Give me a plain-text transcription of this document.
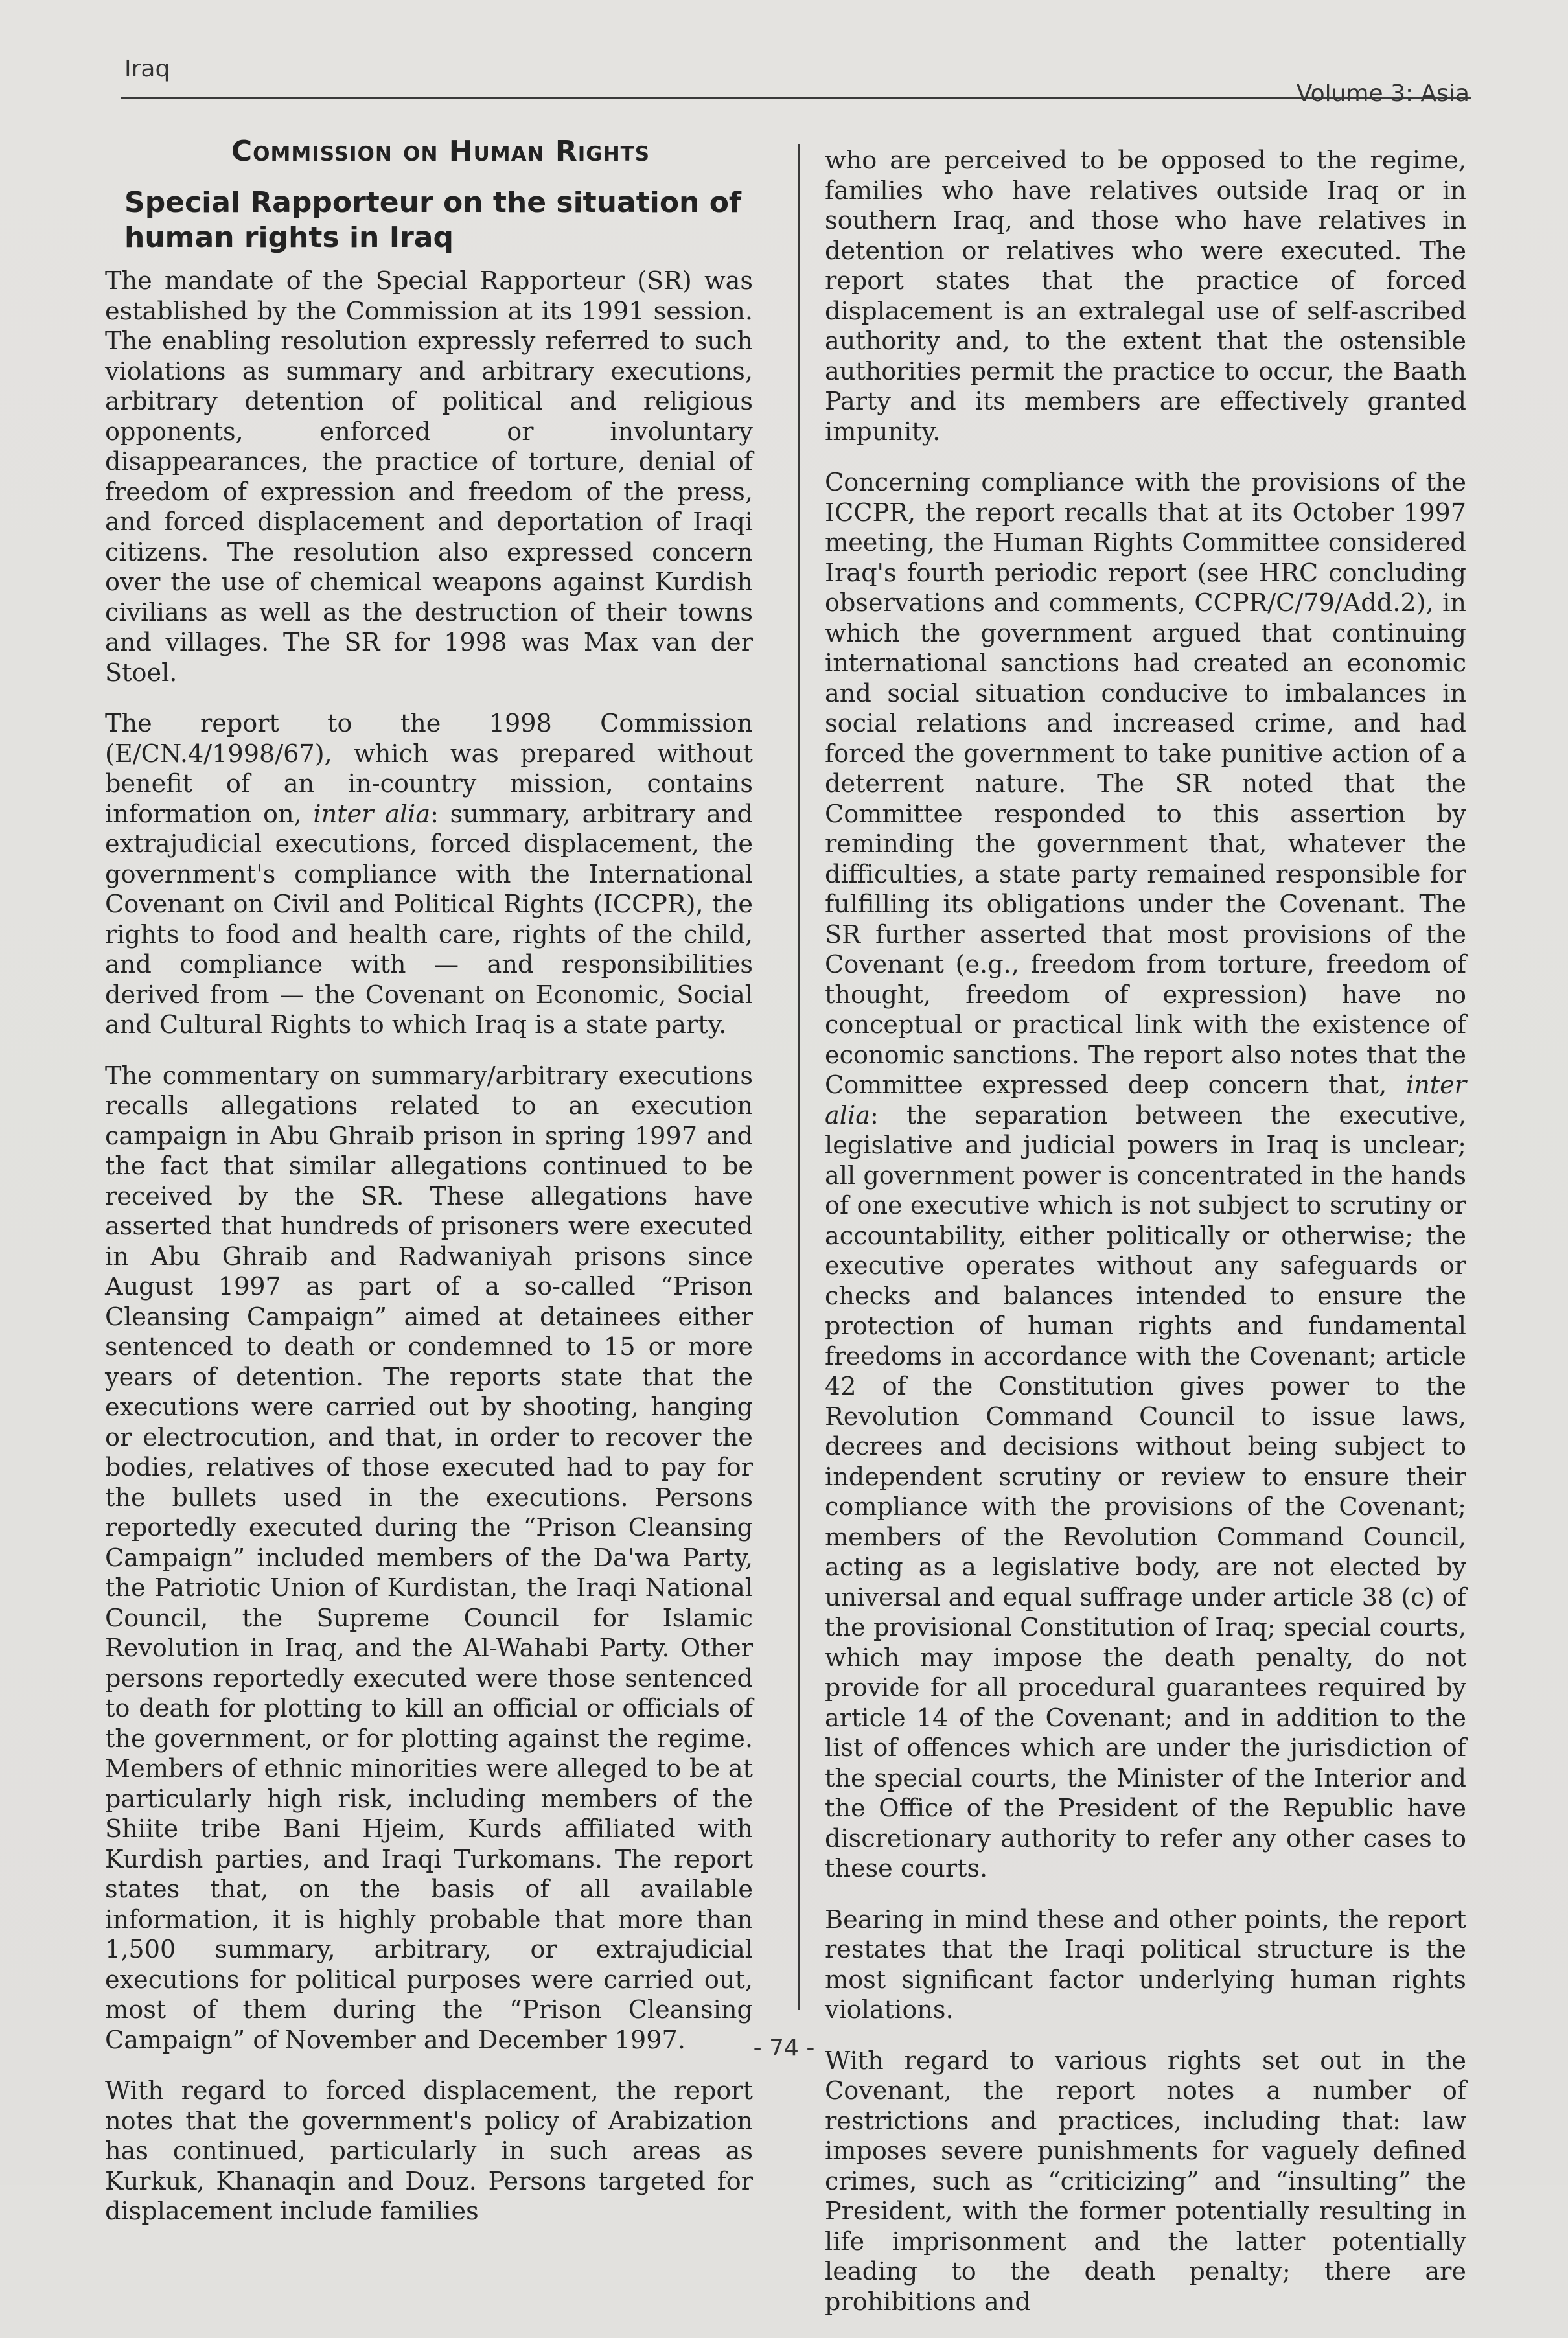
Iraq
Volume 3: Asia
Commission on Human Rights
Special Rapporteur on the situation of human rights in Iraq

The mandate of the Special Rapporteur (SR) was established by the Commission at its 1991 session. The enabling resolution expressly referred to such violations as summary and arbitrary executions, arbitrary detention of political and religious opponents, enforced or involuntary disappearances, the practice of torture, denial of freedom of expression and freedom of the press, and forced displacement and deportation of Iraqi citizens. The resolution also expressed concern over the use of chemical weapons against Kurdish civilians as well as the destruction of their towns and villages. The SR for 1998 was Max van der Stoel.

The report to the 1998 Commission (E/CN.4/1998/67), which was prepared without benefit of an in-country mission, contains information on, inter alia: summary, arbitrary and extrajudicial executions, forced displacement, the government's compliance with the International Covenant on Civil and Political Rights (ICCPR), the rights to food and health care, rights of the child, and compliance with — and responsibilities derived from — the Covenant on Economic, Social and Cultural Rights to which Iraq is a state party.

The commentary on summary/arbitrary executions recalls allegations related to an execution campaign in Abu Ghraib prison in spring 1997 and the fact that similar allegations continued to be received by the SR. These allegations have asserted that hundreds of prisoners were executed in Abu Ghraib and Radwaniyah prisons since August 1997 as part of a so-called “Prison Cleansing Campaign” aimed at detainees either sentenced to death or condemned to 15 or more years of detention. The reports state that the executions were carried out by shooting, hanging or electrocution, and that, in order to recover the bodies, relatives of those executed had to pay for the bullets used in the executions. Persons reportedly executed during the “Prison Cleansing Campaign” included members of the Da'wa Party, the Patriotic Union of Kurdistan, the Iraqi National Council, the Supreme Council for Islamic Revolution in Iraq, and the Al-Wahabi Party. Other persons reportedly executed were those sentenced to death for plotting to kill an official or officials of the government, or for plotting against the regime. Members of ethnic minorities were alleged to be at particularly high risk, including members of the Shiite tribe Bani Hjeim, Kurds affiliated with Kurdish parties, and Iraqi Turkomans. The report states that, on the basis of all available information, it is highly probable that more than 1,500 summary, arbitrary, or extrajudicial executions for political purposes were carried out, most of them during the “Prison Cleansing Campaign” of November and December 1997.

With regard to forced displacement, the report notes that the government's policy of Arabization has continued, particularly in such areas as Kurkuk, Khanaqin and Douz. Persons targeted for displacement include families

who are perceived to be opposed to the regime, families who have relatives outside Iraq or in southern Iraq, and those who have relatives in detention or relatives who were executed. The report states that the practice of forced displacement is an extralegal use of self-ascribed authority and, to the extent that the ostensible authorities permit the practice to occur, the Baath Party and its members are effectively granted impunity.

Concerning compliance with the provisions of the ICCPR, the report recalls that at its October 1997 meeting, the Human Rights Committee considered Iraq's fourth periodic report (see HRC concluding observations and comments, CCPR/C/79/Add.2), in which the government argued that continuing international sanctions had created an economic and social situation conducive to imbalances in social relations and increased crime, and had forced the government to take punitive action of a deterrent nature. The SR noted that the Committee responded to this assertion by reminding the government that, whatever the difficulties, a state party remained responsible for fulfilling its obligations under the Covenant. The SR further asserted that most provisions of the Covenant (e.g., freedom from torture, freedom of thought, freedom of expression) have no conceptual or practical link with the existence of economic sanctions. The report also notes that the Committee expressed deep concern that, inter alia: the separation between the executive, legislative and judicial powers in Iraq is unclear; all government power is concentrated in the hands of one executive which is not subject to scrutiny or accountability, either politically or otherwise; the executive operates without any safeguards or checks and balances intended to ensure the protection of human rights and fundamental freedoms in accordance with the Covenant; article 42 of the Constitution gives power to the Revolution Command Council to issue laws, decrees and decisions without being subject to independent scrutiny or review to ensure their compliance with the provisions of the Covenant; members of the Revolution Command Council, acting as a legislative body, are not elected by universal and equal suffrage under article 38 (c) of the provisional Constitution of Iraq; special courts, which may impose the death penalty, do not provide for all procedural guarantees required by article 14 of the Covenant; and in addition to the list of offences which are under the jurisdiction of the special courts, the Minister of the Interior and the Office of the President of the Republic have discretionary authority to refer any other cases to these courts.

Bearing in mind these and other points, the report restates that the Iraqi political structure is the most significant factor underlying human rights violations.

With regard to various rights set out in the Covenant, the report notes a number of restrictions and practices, including that: law imposes severe punishments for vaguely defined crimes, such as “criticizing” and “insulting” the President, with the former potentially resulting in life imprisonment and the latter potentially leading to the death penalty; there are prohibitions and

- 74 -
